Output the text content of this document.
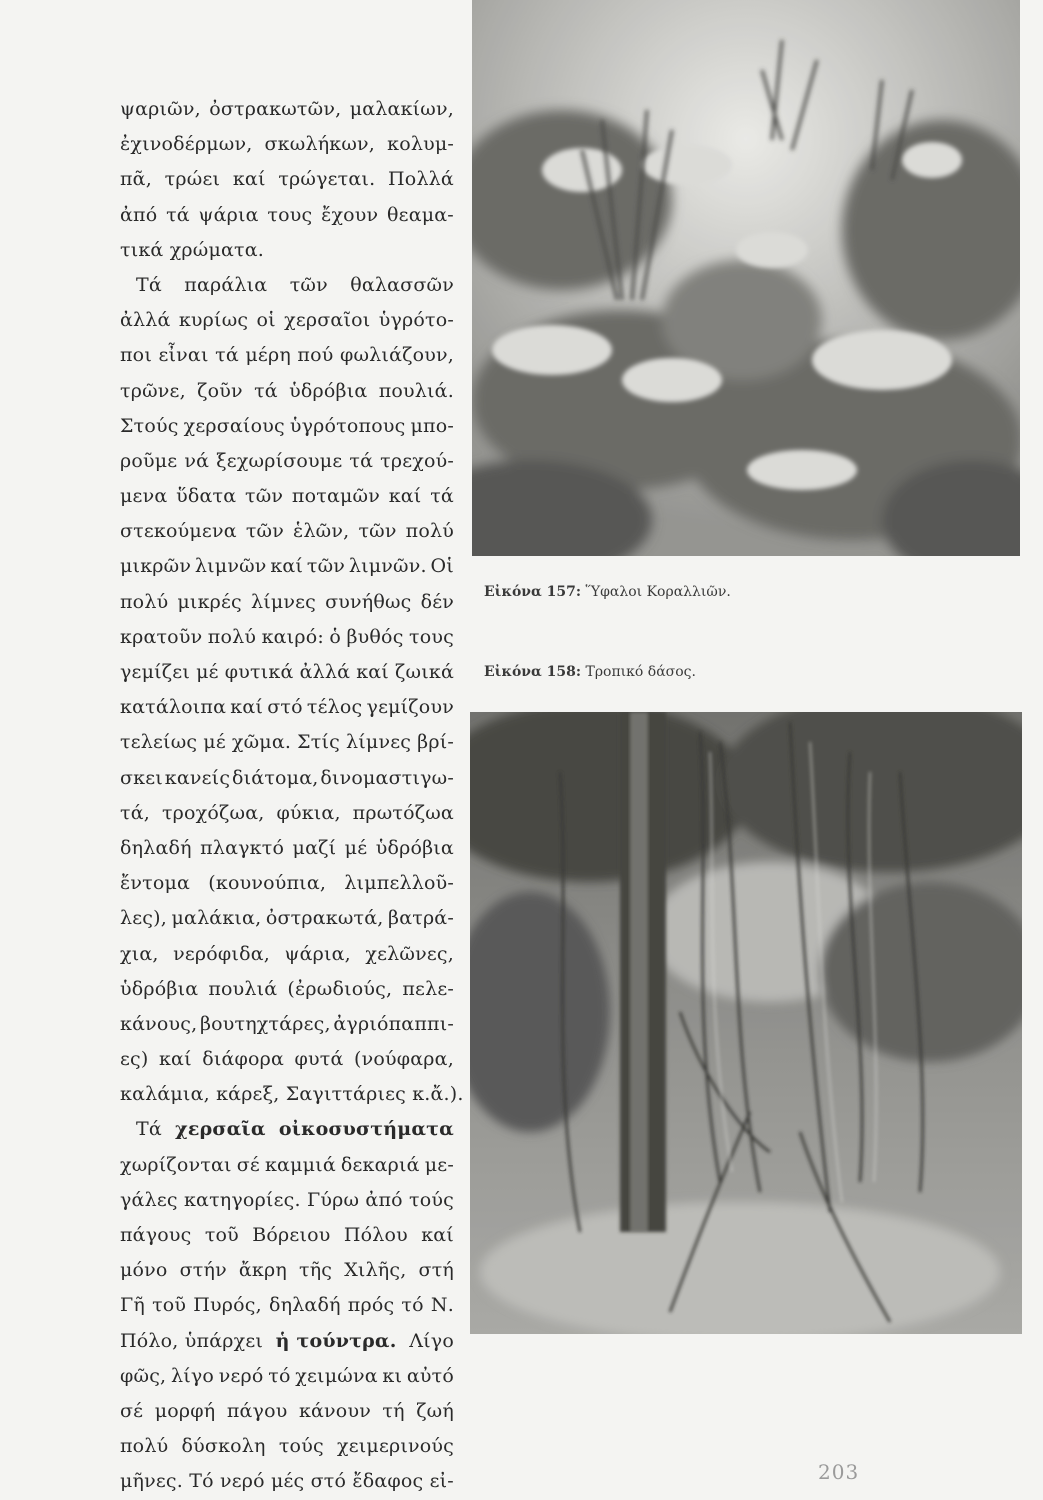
ψαριῶν, ὀστρακωτῶν, μαλακίων,
ἐχινοδέρμων, σκωλήκων, κολυμ-
πᾶ, τρώει καί τρώγεται. Πολλά
ἀπό τά ψάρια τους ἔχουν θεαμα-
τικά χρώματα.
Τά παράλια τῶν θαλασσῶν
ἀλλά κυρίως οἱ χερσαῖοι ὑγρότο-
ποι εἶναι τά μέρη πού φωλιάζουν,
τρῶνε, ζοῦν τά ὑδρόβια πουλιά.
Στούς χερσαίους ὑγρότοπους μπο-
ροῦμε νά ξεχωρίσουμε τά τρεχού-
μενα ὕδατα τῶν ποταμῶν καί τά
στεκούμενα τῶν ἑλῶν, τῶν πολύ
μικρῶν λιμνῶν καί τῶν λιμνῶν. Οἱ
πολύ μικρές λίμνες συνήθως δέν
κρατοῦν πολύ καιρό: ὁ βυθός τους
γεμίζει μέ φυτικά ἀλλά καί ζωικά
κατάλοιπα καί στό τέλος γεμίζουν
τελείως μέ χῶμα. Στίς λίμνες βρί-
σκει κανείς διάτομα, δινομαστιγω-
τά, τροχόζωα, φύκια, πρωτόζωα
δηλαδή πλαγκτό μαζί μέ ὑδρόβια
ἔντομα (κουνούπια, λιμπελλοῦ-
λες), μαλάκια, ὀστρακωτά, βατρά-
χια, νερόφιδα, ψάρια, χελῶνες,
ὑδρόβια πουλιά (ἐρωδιούς, πελε-
κάνους, βουτηχτάρες, ἀγριόπαππι-
ες) καί διάφορα φυτά (νούφαρα,
καλάμια, κάρεξ, Σαγιττάριες κ.ἄ.).
Τά χερσαῖα οἰκοσυστήματα
χωρίζονται σέ καμμιά δεκαριά με-
γάλες κατηγορίες. Γύρω ἀπό τούς
πάγους τοῦ Βόρειου Πόλου καί
μόνο στήν ἄκρη τῆς Χιλῆς, στή
Γῆ τοῦ Πυρός, δηλαδή πρός τό Ν.
Πόλο, ὑπάρχει ἡ τούντρα. Λίγο
φῶς, λίγο νερό τό χειμώνα κι αὐτό
σέ μορφή πάγου κάνουν τή ζωή
πολύ δύσκολη τούς χειμερινούς
μῆνες. Τό νερό μές στό ἔδαφος εἰ-
Εἰκόνα 157: Ὕφαλοι Κοραλλιῶν.
Εἰκόνα 158: Τροπικό δάσος.
203
